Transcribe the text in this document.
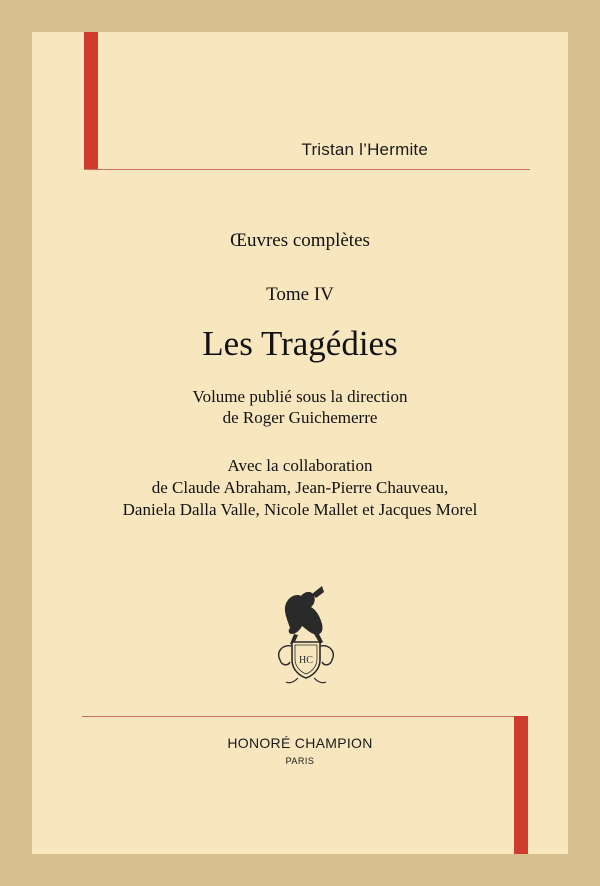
Tristan l’Hermite
Œuvres complètes
Tome IV
Les Tragédies
Volume publié sous la direction
de Roger Guichemerre
Avec la collaboration
de Claude Abraham, Jean-Pierre Chauveau,
Daniela Dalla Valle, Nicole Mallet et Jacques Morel
HC
HONORÉ CHAMPION
PARIS
